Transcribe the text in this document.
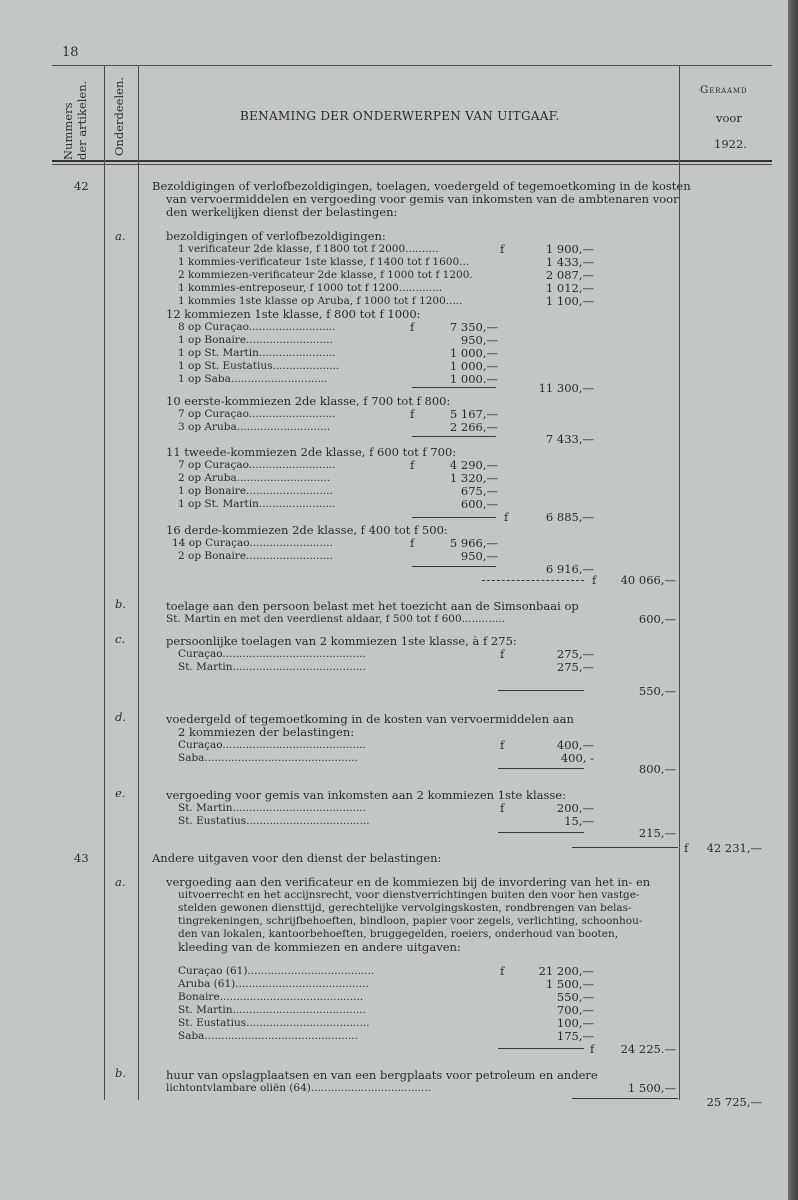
18
Nummers der artikelen. Onderdeelen.	BENAMING DER ONDERWERPEN VAN UITGAAF.
Geraamd
voor
1922.
42	Bezoldigingen of verlofbezoldigingen, toelagen, voedergeld of tegemoetkoming in de kosten
van vervoermiddelen en vergoeding voor gemis van inkomsten van de ambtenaren voor
den werkelijken dienst der belastingen:
a.	bezoldigingen of verlofbezoldigingen:
1 verificateur 2de klasse, f 1800 tot f 2000..........	f	1 900,—
1 kommies-verificateur 1ste klasse, f 1400 tot f 1600...	1 433,—
2 kommiezen-verificateur 2de klasse, f 1000 tot f 1200.	2 087,—
1 kommies-entreposeur, f 1000 tot f 1200.............	1 012,—
1 kommies 1ste klasse op Aruba, f 1000 tot f 1200.....	1 100,—
12 kommiezen 1ste klasse, f 800 tot f 1000:
8 op Curaçao..........................	f	7 350,—
1 op Bonaire..........................	950,—
1 op St. Martin.......................	1 000,—
1 op St. Eustatius....................	1 000,—
1 op Saba.............................	1 000.—
11 300,—
10 eerste-kommiezen 2de klasse, f 700 tot f 800:
7 op Curaçao..........................	f	5 167,—
3 op Aruba............................	2 266,—
7 433,—
11 tweede-kommiezen 2de klasse, f 600 tot f 700:
7 op Curaçao..........................	f	4 290,—
2 op Aruba............................	1 320,—
1 op Bonaire..........................	675,—
1 op St. Martin.......................	600,—
f	6 885,—
16 derde-kommiezen 2de klasse, f 400 tot f 500:
14 op Curaçao.........................	f	5 966,—
2 op Bonaire..........................	950,—
6 916,—
f	40 066,—
b.	toelage aan den persoon belast met het toezicht aan de Simsonbaai op
St. Martin en met den veerdienst aldaar, f 500 tot f 600.............	600,—
c.	persoonlijke toelagen van 2 kommiezen 1ste klasse, à f 275:
Curaçao...........................................	f	275,—
St. Martin........................................	275,—
550,—
d.	voedergeld of tegemoetkoming in de kosten van vervoermiddelen aan
2 kommiezen der belastingen:
Curaçao...........................................	f	400,—
Saba..............................................	400, -
800,—
e.	vergoeding voor gemis van inkomsten aan 2 kommiezen 1ste klasse:
St. Martin........................................	f	200,—
St. Eustatius.....................................	15,—
215,—
f	42 231,—
43	Andere uitgaven voor den dienst der belastingen:
a.	vergoeding aan den verificateur en de kommiezen bij de invordering van het in- en
uitvoerrecht en het accijnsrecht, voor dienstverrichtingen buiten den voor hen vastge-
stelden gewonen diensttijd, gerechtelijke vervolgingskosten, rondbrengen van belas-
tingrekeningen, schrijfbehoeften, bindloon, papier voor zegels, verlichting, schoonhou-
den van lokalen, kantoorbehoeften, bruggegelden, roeiers, onderhoud van booten,
kleeding van de kommiezen en andere uitgaven:
Curaçao (61)......................................	f	21 200,—
Aruba (61)........................................	1 500,—
Bonaire...........................................	550,—
St. Martin........................................	700,—
St. Eustatius.....................................	100,—
Saba..............................................	175,—
f	24 225.—
b.	huur van opslagplaatsen en van een bergplaats voor petroleum en andere
lichtontvlambare oliën (64)....................................	1 500,—
25 725,—
